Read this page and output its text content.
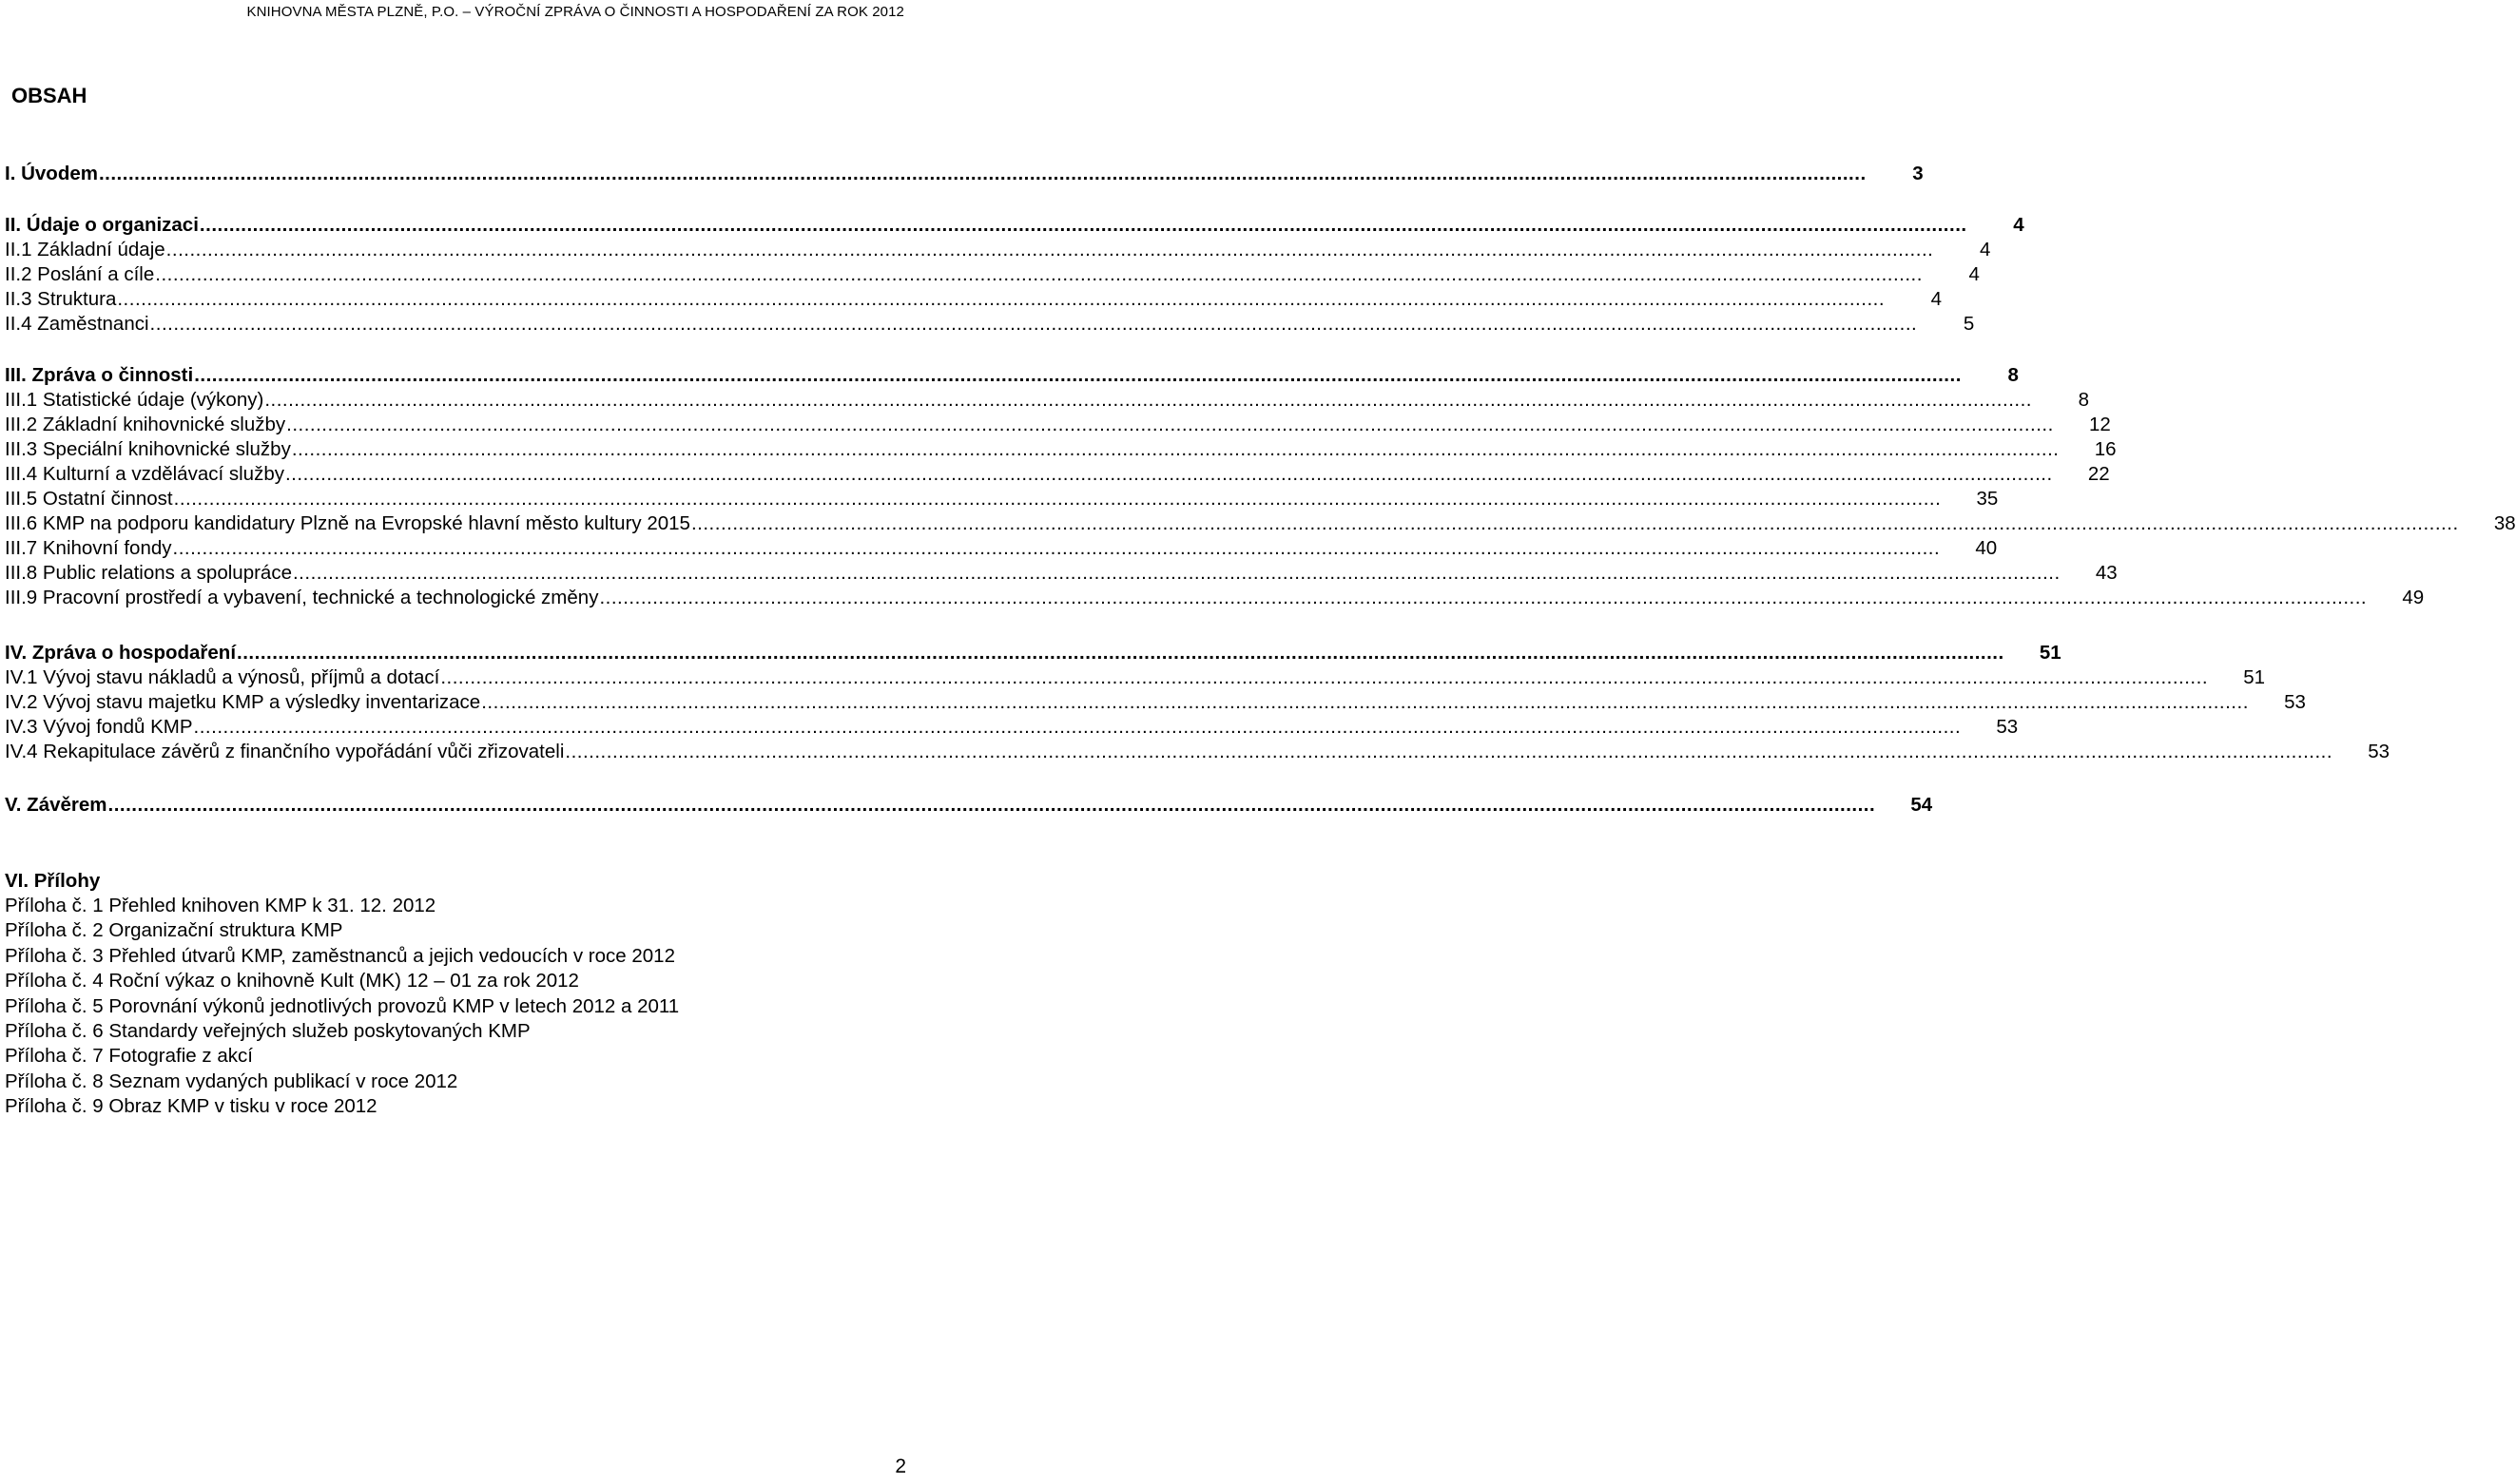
KNIHOVNA MĚSTA PLZNĚ, P.O. – VÝROČNÍ ZPRÁVA O ČINNOSTI A HOSPODAŘENÍ ZA ROK 2012
OBSAH
I. Úvodem ............................................................................................................................................................................................................................................................................................................	3
II. Údaje o organizaci ............................................................................................................................................................................................................................................................................................................	4
II.1 Základní údaje ............................................................................................................................................................................................................................................................................................................	4
II.2 Poslání a cíle ............................................................................................................................................................................................................................................................................................................	4
II.3 Struktura ............................................................................................................................................................................................................................................................................................................	4
II.4 Zaměstnanci ............................................................................................................................................................................................................................................................................................................	5
III. Zpráva o činnosti ............................................................................................................................................................................................................................................................................................................	8
III.1 Statistické údaje (výkony) ............................................................................................................................................................................................................................................................................................................	8
III.2 Základní knihovnické služby ............................................................................................................................................................................................................................................................................................................	12
III.3 Speciální knihovnické služby ............................................................................................................................................................................................................................................................................................................	16
III.4 Kulturní a vzdělávací služby ............................................................................................................................................................................................................................................................................................................	22
III.5 Ostatní činnost ............................................................................................................................................................................................................................................................................................................	35
III.6 KMP na podporu kandidatury Plzně na Evropské hlavní město kultury 2015 ............................................................................................................................................................................................................................................................................................................	38
III.7 Knihovní fondy ............................................................................................................................................................................................................................................................................................................	40
III.8 Public relations a spolupráce ............................................................................................................................................................................................................................................................................................................	43
III.9 Pracovní prostředí a vybavení, technické a technologické změny ............................................................................................................................................................................................................................................................................................................	49
IV. Zpráva o hospodaření ............................................................................................................................................................................................................................................................................................................	51
IV.1 Vývoj stavu nákladů a výnosů, příjmů a dotací ............................................................................................................................................................................................................................................................................................................	51
IV.2 Vývoj stavu majetku KMP a výsledky inventarizace ............................................................................................................................................................................................................................................................................................................	53
IV.3 Vývoj fondů KMP ............................................................................................................................................................................................................................................................................................................	53
IV.4 Rekapitulace závěrů z finančního vypořádání vůči zřizovateli ............................................................................................................................................................................................................................................................................................................	53
V. Závěrem ............................................................................................................................................................................................................................................................................................................	54
VI. Přílohy
Příloha č. 1 Přehled knihoven KMP k 31. 12. 2012
Příloha č. 2 Organizační struktura KMP
Příloha č. 3 Přehled útvarů KMP, zaměstnanců a jejich vedoucích v roce 2012
Příloha č. 4 Roční výkaz o knihovně Kult (MK) 12 – 01 za rok 2012
Příloha č. 5 Porovnání výkonů jednotlivých provozů KMP v letech 2012 a 2011
Příloha č. 6 Standardy veřejných služeb poskytovaných KMP
Příloha č. 7 Fotografie z akcí
Příloha č. 8 Seznam vydaných publikací v roce 2012
Příloha č. 9 Obraz KMP v tisku v roce 2012
2
